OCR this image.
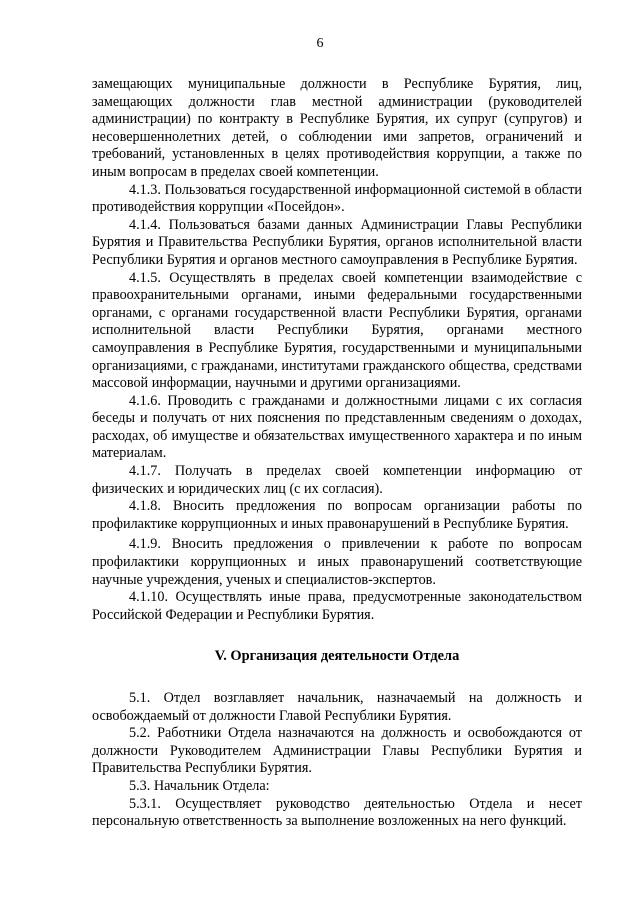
6

замещающих муниципальные должности в Республике Бурятия, лиц, замещающих должности глав местной администрации (руководителей администрации) по контракту в Республике Бурятия, их супруг (супругов) и несовершеннолетних детей, о соблюдении ими запретов, ограничений и требований, установленных в целях противодействия коррупции, а также по иным вопросам в пределах своей компетенции.

4.1.3. Пользоваться государственной информационной системой в области противодействия коррупции «Посейдон».

4.1.4. Пользоваться базами данных Администрации Главы Республики Бурятия и Правительства Республики Бурятия, органов исполнительной власти Республики Бурятия и органов местного самоуправления в Республике Бурятия.

4.1.5. Осуществлять в пределах своей компетенции взаимодействие с правоохранительными органами, иными федеральными государственными органами, с органами государственной власти Республики Бурятия, органами исполнительной власти Республики Бурятия, органами местного самоуправления в Республике Бурятия, государственными и муниципальными организациями, с гражданами, институтами гражданского общества, средствами массовой информации, научными и другими организациями.

4.1.6. Проводить с гражданами и должностными лицами с их согласия беседы и получать от них пояснения по представленным сведениям о доходах, расходах, об имуществе и обязательствах имущественного характера и по иным материалам.

4.1.7. Получать в пределах своей компетенции информацию от физических и юридических лиц (с их согласия).

4.1.8. Вносить предложения по вопросам организации работы по профилактике коррупционных и иных правонарушений в Республике Бурятия.

4.1.9. Вносить предложения о привлечении к работе по вопросам профилактики коррупционных и иных правонарушений соответствующие научные учреждения, ученых и специалистов-экспертов.

4.1.10. Осуществлять иные права, предусмотренные законодательством Российской Федерации и Республики Бурятия.

V. Организация деятельности Отдела

5.1. Отдел возглавляет начальник, назначаемый на должность и освобождаемый от должности Главой Республики Бурятия.

5.2. Работники Отдела назначаются на должность и освобождаются от должности Руководителем Администрации Главы Республики Бурятия и Правительства Республики Бурятия.

5.3. Начальник Отдела:

5.3.1. Осуществляет руководство деятельностью Отдела и несет персональную ответственность за выполнение возложенных на него функций.
